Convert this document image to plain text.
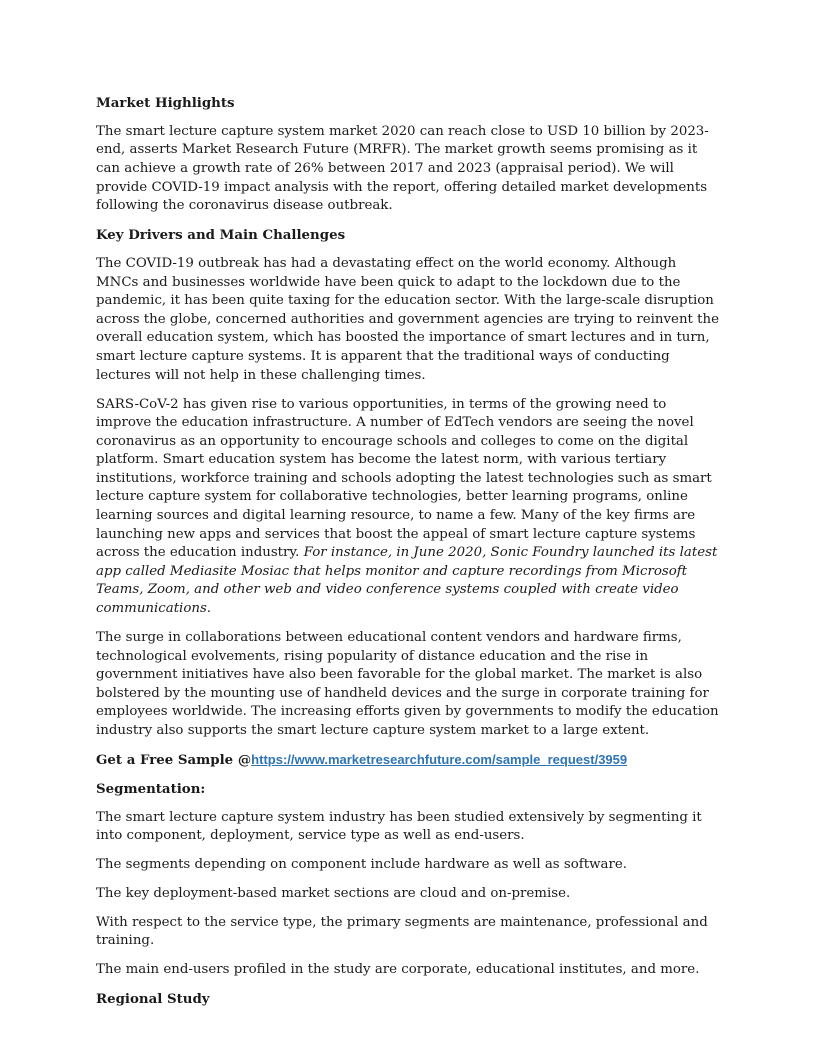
Market Highlights

The smart lecture capture system market 2020 can reach close to USD 10 billion by 2023-end, asserts Market Research Future (MRFR). The market growth seems promising as it can achieve a growth rate of 26% between 2017 and 2023 (appraisal period). We will provide COVID-19 impact analysis with the report, offering detailed market developments following the coronavirus disease outbreak.

Key Drivers and Main Challenges

The COVID-19 outbreak has had a devastating effect on the world economy. Although MNCs and businesses worldwide have been quick to adapt to the lockdown due to the pandemic, it has been quite taxing for the education sector. With the large-scale disruption across the globe, concerned authorities and government agencies are trying to reinvent the overall education system, which has boosted the importance of smart lectures and in turn, smart lecture capture systems. It is apparent that the traditional ways of conducting lectures will not help in these challenging times.

SARS-CoV-2 has given rise to various opportunities, in terms of the growing need to improve the education infrastructure. A number of EdTech vendors are seeing the novel coronavirus as an opportunity to encourage schools and colleges to come on the digital platform. Smart education system has become the latest norm, with various tertiary institutions, workforce training and schools adopting the latest technologies such as smart lecture capture system for collaborative technologies, better learning programs, online learning sources and digital learning resource, to name a few. Many of the key firms are launching new apps and services that boost the appeal of smart lecture capture systems across the education industry. For instance, in June 2020, Sonic Foundry launched its latest app called Mediasite Mosiac that helps monitor and capture recordings from Microsoft Teams, Zoom, and other web and video conference systems coupled with create video communications.

The surge in collaborations between educational content vendors and hardware firms, technological evolvements, rising popularity of distance education and the rise in government initiatives have also been favorable for the global market. The market is also bolstered by the mounting use of handheld devices and the surge in corporate training for employees worldwide. The increasing efforts given by governments to modify the education industry also supports the smart lecture capture system market to a large extent.

Get a Free Sample @https://www.marketresearchfuture.com/sample_request/3959

Segmentation:

The smart lecture capture system industry has been studied extensively by segmenting it into component, deployment, service type as well as end-users.

The segments depending on component include hardware as well as software.

The key deployment-based market sections are cloud and on-premise.

With respect to the service type, the primary segments are maintenance, professional and training.

The main end-users profiled in the study are corporate, educational institutes, and more.

Regional Study
